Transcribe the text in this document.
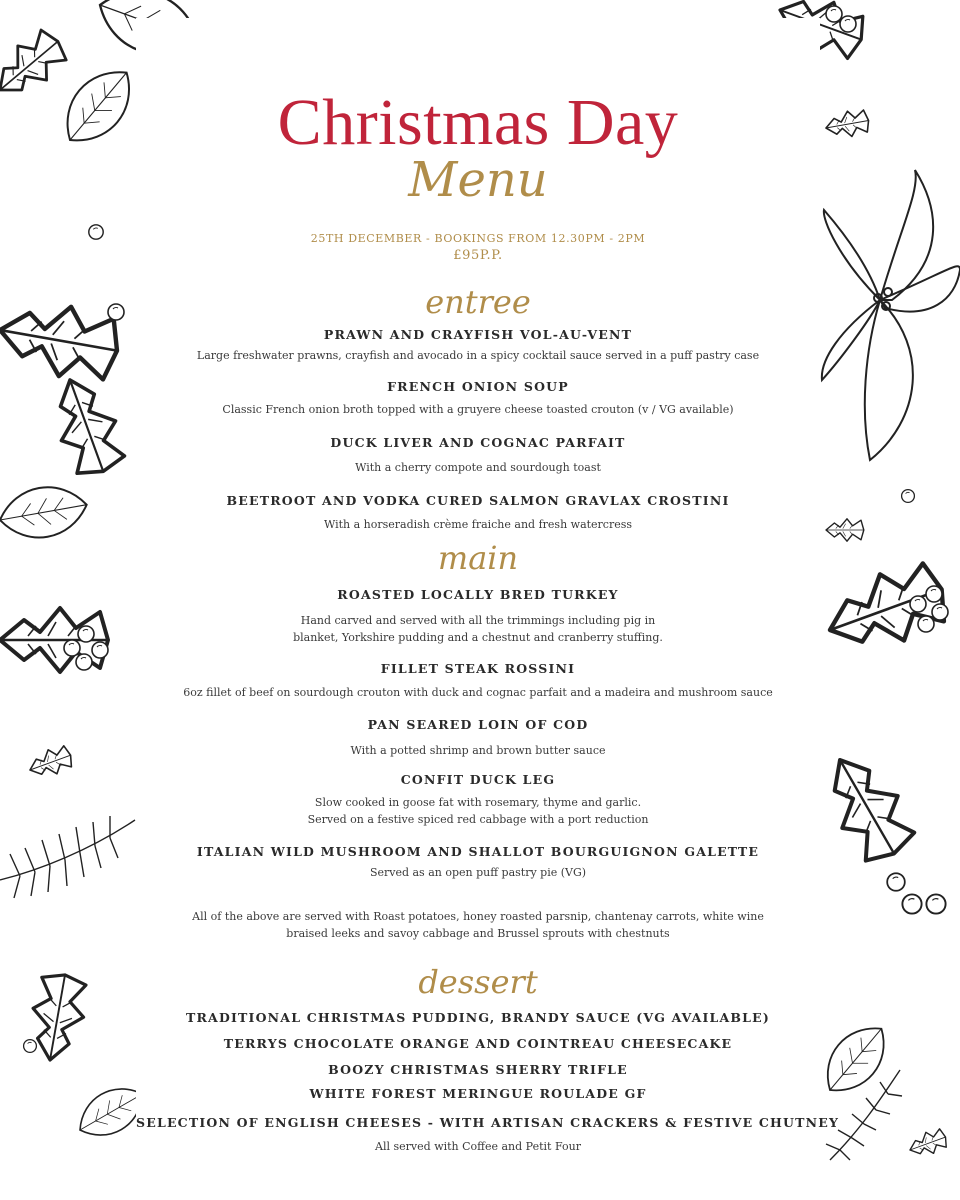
Christmas Day
Menu
25TH DECEMBER - BOOKINGS FROM 12.30PM - 2PM
£95P.P.
entree
PRAWN AND CRAYFISH VOL-AU-VENT
Large freshwater prawns, crayfish and avocado in a spicy cocktail sauce served in a puff pastry case
FRENCH ONION SOUP
Classic French onion broth topped with a gruyere cheese toasted crouton (v / VG available)
DUCK LIVER AND COGNAC PARFAIT
With a cherry compote and sourdough toast
BEETROOT AND VODKA CURED SALMON GRAVLAX CROSTINI
With a horseradish crème fraiche and fresh watercress
main
ROASTED LOCALLY BRED TURKEY
Hand carved and served with all the trimmings including pig in
blanket, Yorkshire pudding and a chestnut and cranberry stuffing.
FILLET STEAK ROSSINI
6oz fillet of beef on sourdough crouton with duck and cognac parfait and a madeira and mushroom sauce
PAN SEARED LOIN OF COD
With a potted shrimp and brown butter sauce
CONFIT DUCK LEG
Slow cooked in goose fat with rosemary, thyme and garlic.
Served on a festive spiced red cabbage with a port reduction
ITALIAN WILD MUSHROOM AND SHALLOT BOURGUIGNON GALETTE
Served as an open puff pastry pie (VG)
All of the above are served with Roast potatoes, honey roasted parsnip, chantenay carrots, white wine
braised leeks and savoy cabbage and Brussel sprouts with chestnuts
dessert
TRADITIONAL CHRISTMAS PUDDING, BRANDY SAUCE (VG AVAILABLE)
TERRYS CHOCOLATE ORANGE AND COINTREAU CHEESECAKE
BOOZY CHRISTMAS SHERRY TRIFLE
WHITE FOREST MERINGUE ROULADE GF
SELECTION OF ENGLISH CHEESES - WITH ARTISAN CRACKERS & FESTIVE CHUTNEY
All served with Coffee and Petit Four
